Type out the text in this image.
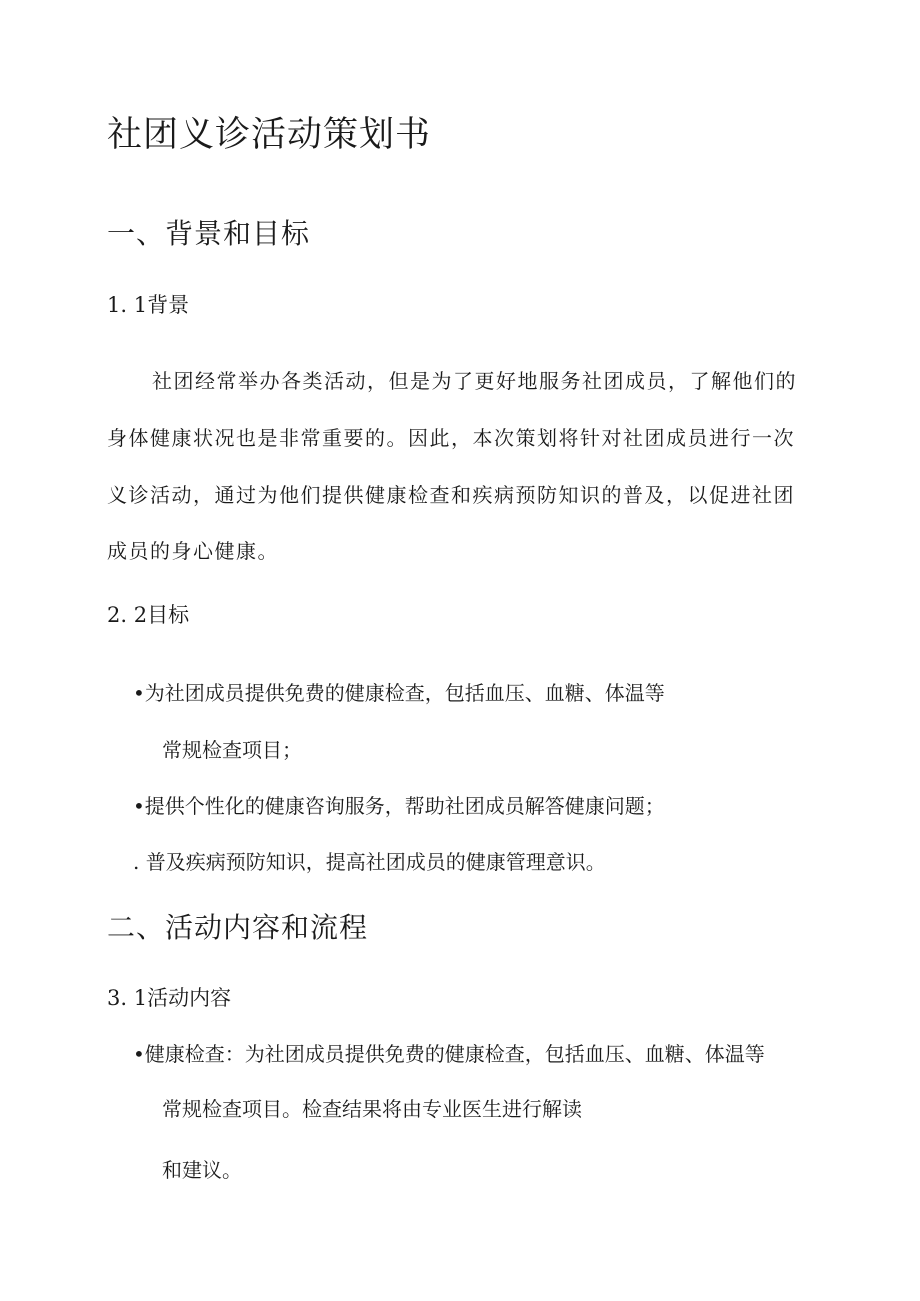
社团义诊活动策划书
一、背景和目标
1. 1背景
社团经常举办各类活动，但是为了更好地服务社团成员，了解他们的
身体健康状况也是非常重要的。因此，本次策划将针对社团成员进行一次
义诊活动，通过为他们提供健康检查和疾病预防知识的普及，以促进社团
成员的身心健康。
2. 2目标
•为社团成员提供免费的健康检查，包括血压、血糖、体温等
常规检查项目；
•提供个性化的健康咨询服务，帮助社团成员解答健康问题；
. 普及疾病预防知识，提高社团成员的健康管理意识。
二、活动内容和流程
3. 1活动内容
•健康检查：为社团成员提供免费的健康检查，包括血压、血糖、体温等
常规检查项目。检查结果将由专业医生进行解读
和建议。
